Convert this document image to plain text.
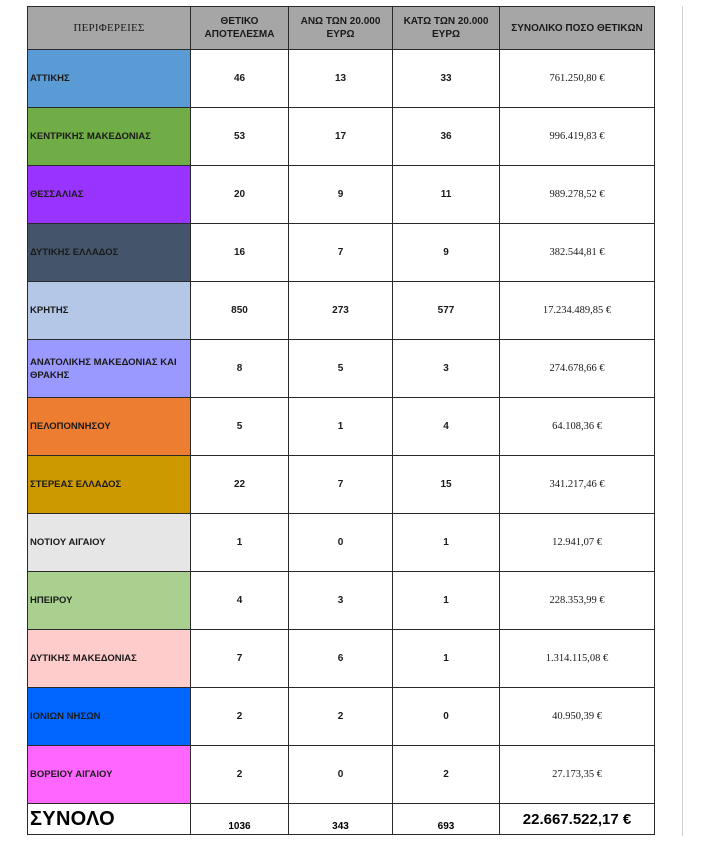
ΠΕΡΙΦΕΡΕΙΕΣ	ΘΕΤΙΚΟ ΑΠΟΤΕΛΕΣΜΑ	ΑΝΩ ΤΩΝ 20.000 ΕΥΡΩ	ΚΑΤΩ ΤΩΝ 20.000 ΕΥΡΩ	ΣΥΝΟΛΙΚΟ ΠΟΣΟ ΘΕΤΙΚΩΝ

ΑΤΤΙΚΗΣ	46	13	33	761.250,80 €
ΚΕΝΤΡΙΚΗΣ ΜΑΚΕΔΟΝΙΑΣ	53	17	36	996.419,83 €
ΘΕΣΣΑΛΙΑΣ	20	9	11	989.278,52 €
ΔΥΤΙΚΗΣ ΕΛΛΑΔΟΣ	16	7	9	382.544,81 €
ΚΡΗΤΗΣ	850	273	577	17.234.489,85 €
ΑΝΑΤΟΛΙΚΗΣ ΜΑΚΕΔΟΝΙΑΣ ΚΑΙ ΘΡΑΚΗΣ	8	5	3	274.678,66 €
ΠΕΛΟΠΟΝΝΗΣΟΥ	5	1	4	64.108,36 €
ΣΤΕΡΕΑΣ ΕΛΛΑΔΟΣ	22	7	15	341.217,46 €
ΝΟΤΙΟΥ ΑΙΓΑΙΟΥ	1	0	1	12.941,07 €
ΗΠΕΙΡΟΥ	4	3	1	228.353,99 €
ΔΥΤΙΚΗΣ ΜΑΚΕΔΟΝΙΑΣ	7	6	1	1.314.115,08 €
ΙΟΝΙΩΝ ΝΗΣΩΝ	2	2	0	40.950,39 €
ΒΟΡΕΙΟΥ ΑΙΓΑΙΟΥ	2	0	2	27.173,35 €
ΣΥΝΟΛΟ	1036	343	693	22.667.522,17 €
